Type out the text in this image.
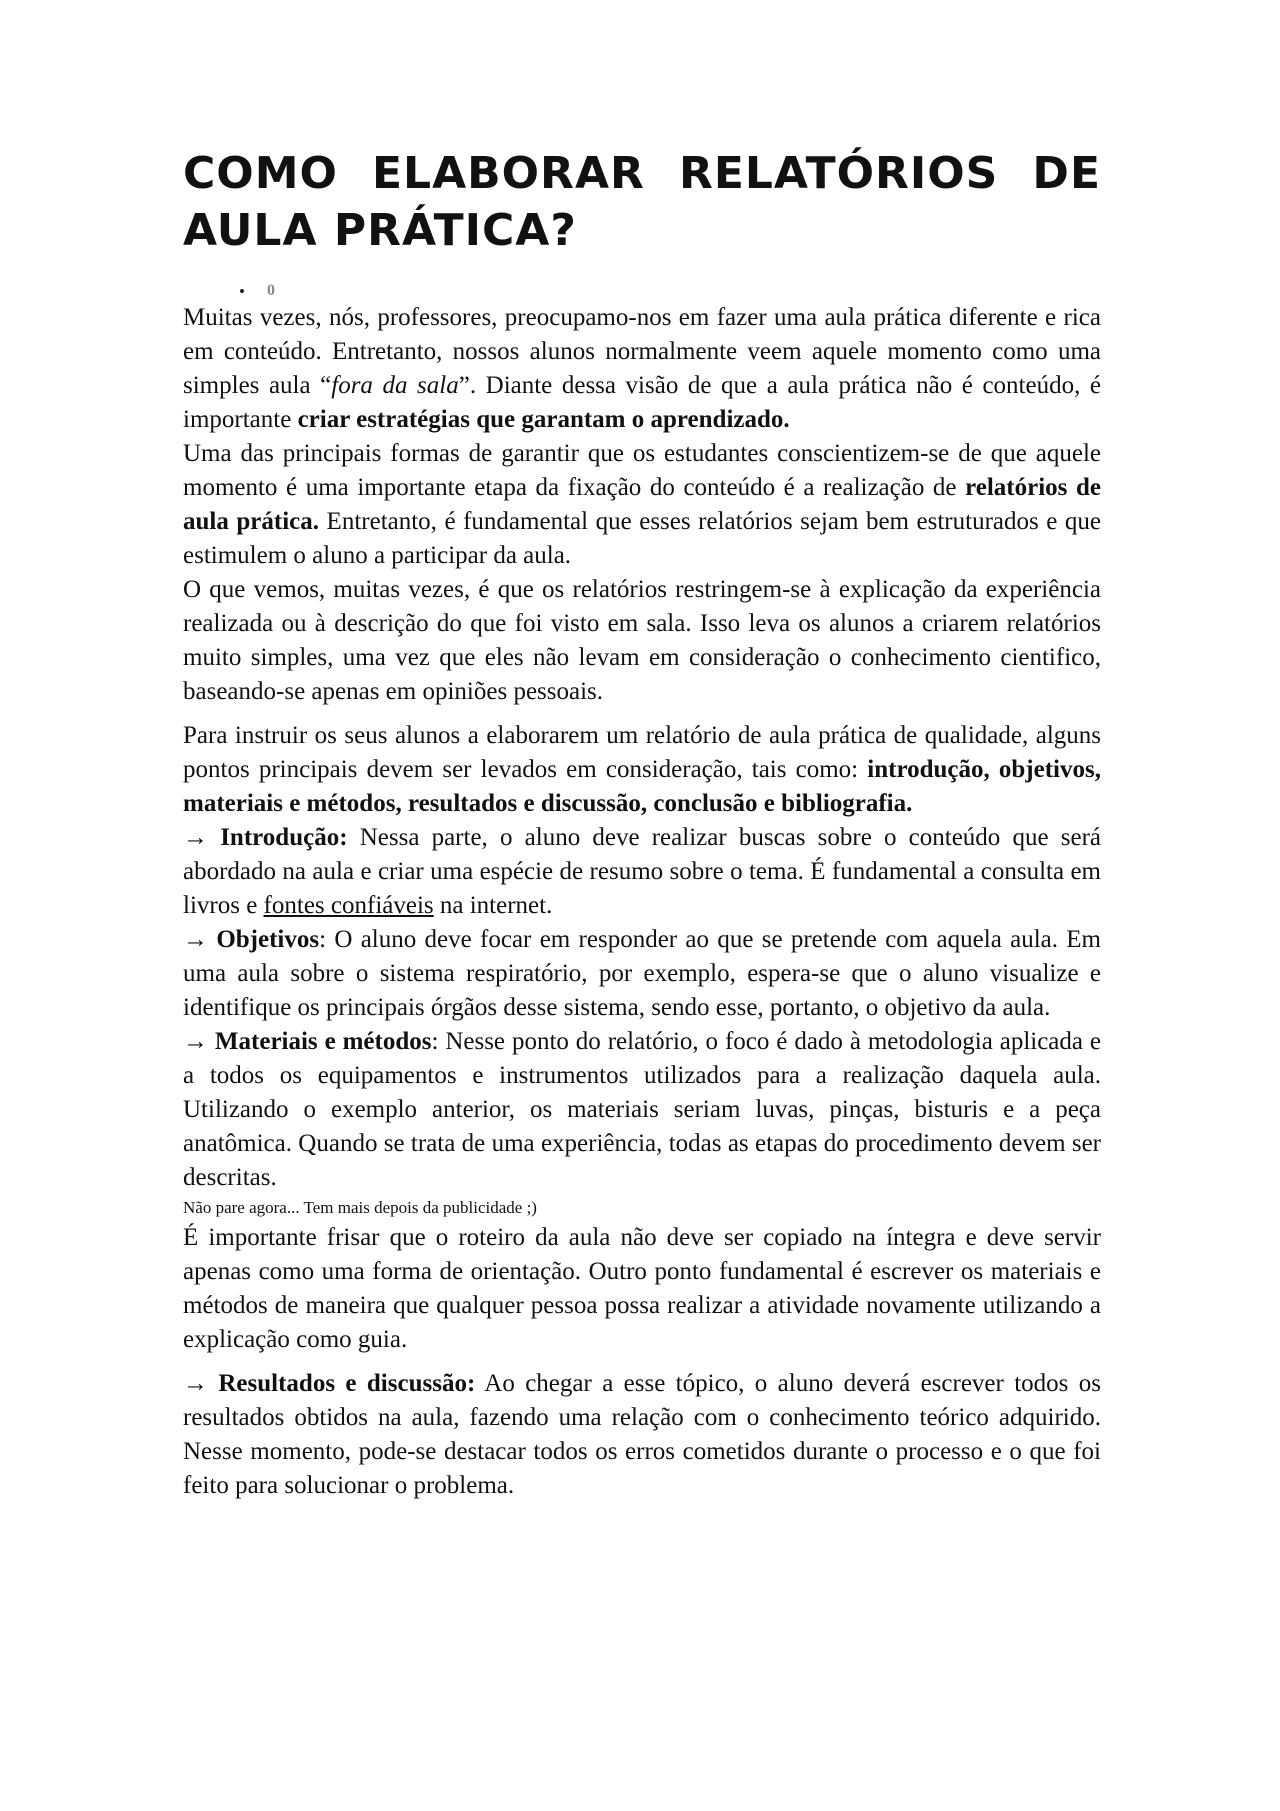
COMO ELABORAR RELATÓRIOS DE AULA PRÁTICA?
• 0

Muitas vezes, nós, professores, preocupamo-nos em fazer uma aula prática diferente e rica em conteúdo. Entretanto, nossos alunos normalmente veem aquele momento como uma simples aula “fora da sala”. Diante dessa visão de que a aula prática não é conteúdo, é importante criar estratégias que garantam o aprendizado.

Uma das principais formas de garantir que os estudantes conscientizem-se de que aquele momento é uma importante etapa da fixação do conteúdo é a realização de relatórios de aula prática. Entretanto, é fundamental que esses relatórios sejam bem estruturados e que estimulem o aluno a participar da aula.

O que vemos, muitas vezes, é que os relatórios restringem-se à explicação da experiência realizada ou à descrição do que foi visto em sala. Isso leva os alunos a criarem relatórios muito simples, uma vez que eles não levam em consideração o conhecimento cientifico, baseando-se apenas em opiniões pessoais.

Para instruir os seus alunos a elaborarem um relatório de aula prática de qualidade, alguns pontos principais devem ser levados em consideração, tais como: introdução, objetivos, materiais e métodos, resultados e discussão, conclusão e bibliografia.

→ Introdução: Nessa parte, o aluno deve realizar buscas sobre o conteúdo que será abordado na aula e criar uma espécie de resumo sobre o tema. É fundamental a consulta em livros e fontes confiáveis na internet.

→ Objetivos: O aluno deve focar em responder ao que se pretende com aquela aula. Em uma aula sobre o sistema respiratório, por exemplo, espera-se que o aluno visualize e identifique os principais órgãos desse sistema, sendo esse, portanto, o objetivo da aula.

→ Materiais e métodos: Nesse ponto do relatório, o foco é dado à metodologia aplicada e a todos os equipamentos e instrumentos utilizados para a realização daquela aula. Utilizando o exemplo anterior, os materiais seriam luvas, pinças, bisturis e a peça anatômica. Quando se trata de uma experiência, todas as etapas do procedimento devem ser descritas.

Não pare agora... Tem mais depois da publicidade ;)

É importante frisar que o roteiro da aula não deve ser copiado na íntegra e deve servir apenas como uma forma de orientação. Outro ponto fundamental é escrever os materiais e métodos de maneira que qualquer pessoa possa realizar a atividade novamente utilizando a explicação como guia.

→ Resultados e discussão: Ao chegar a esse tópico, o aluno deverá escrever todos os resultados obtidos na aula, fazendo uma relação com o conhecimento teórico adquirido. Nesse momento, pode-se destacar todos os erros cometidos durante o processo e o que foi feito para solucionar o problema.
